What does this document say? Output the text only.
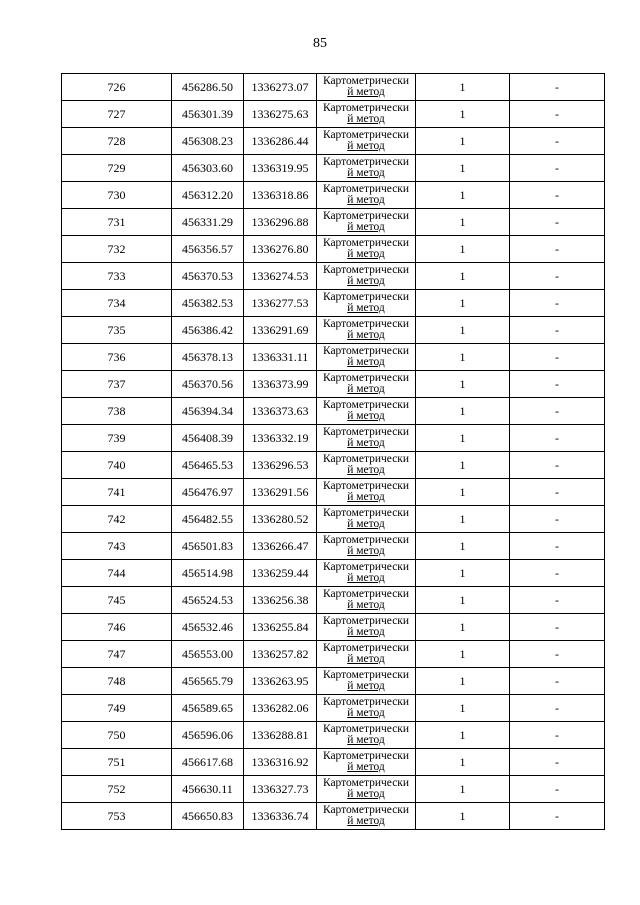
85
726	456286.50	1336273.07	Картометрически
й метод	1	-
727	456301.39	1336275.63	Картометрически
й метод	1	-
728	456308.23	1336286.44	Картометрически
й метод	1	-
729	456303.60	1336319.95	Картометрически
й метод	1	-
730	456312.20	1336318.86	Картометрически
й метод	1	-
731	456331.29	1336296.88	Картометрически
й метод	1	-
732	456356.57	1336276.80	Картометрически
й метод	1	-
733	456370.53	1336274.53	Картометрически
й метод	1	-
734	456382.53	1336277.53	Картометрически
й метод	1	-
735	456386.42	1336291.69	Картометрически
й метод	1	-
736	456378.13	1336331.11	Картометрически
й метод	1	-
737	456370.56	1336373.99	Картометрически
й метод	1	-
738	456394.34	1336373.63	Картометрически
й метод	1	-
739	456408.39	1336332.19	Картометрически
й метод	1	-
740	456465.53	1336296.53	Картометрически
й метод	1	-
741	456476.97	1336291.56	Картометрически
й метод	1	-
742	456482.55	1336280.52	Картометрически
й метод	1	-
743	456501.83	1336266.47	Картометрически
й метод	1	-
744	456514.98	1336259.44	Картометрически
й метод	1	-
745	456524.53	1336256.38	Картометрически
й метод	1	-
746	456532.46	1336255.84	Картометрически
й метод	1	-
747	456553.00	1336257.82	Картометрически
й метод	1	-
748	456565.79	1336263.95	Картометрически
й метод	1	-
749	456589.65	1336282.06	Картометрически
й метод	1	-
750	456596.06	1336288.81	Картометрически
й метод	1	-
751	456617.68	1336316.92	Картометрически
й метод	1	-
752	456630.11	1336327.73	Картометрически
й метод	1	-
753	456650.83	1336336.74	Картометрически
й метод	1	-
